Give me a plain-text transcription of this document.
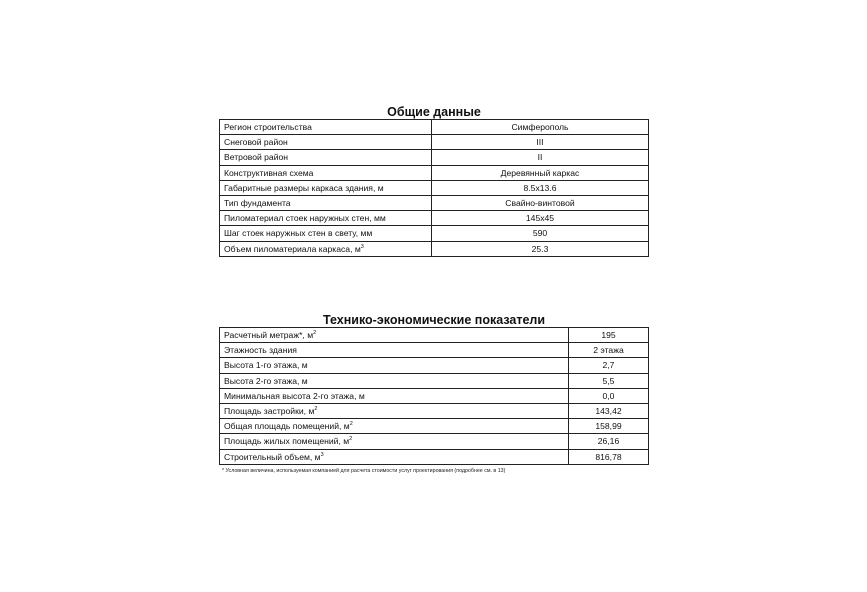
Общие данные
Регион строительства	Симферополь
Снеговой район	III
Ветровой район	II
Конструктивная схема	Деревянный каркас
Габаритные размеры каркаса здания, м	8.5x13.6
Тип фундамента	Свайно-винтовой
Пиломатериал стоек наружных стен, мм	145x45
Шаг стоек наружных стен в свету, мм	590
Объем пиломатериала каркаса, $м^3$	25.3
Технико-экономические показатели
Расчетный метраж*, $м^2$	195
Этажность здания	2 этажа
Высота 1-го этажа, м	2,7
Высота 2-го этажа, м	5,5
Минимальная высота 2-го этажа, м	0,0
Площадь застройки, $м^2$	143,42
Общая площадь помещений, $м^2$	158,99
Площадь жилых помещений, $м^2$	26,16
Строительный объем, $м^3$	816,78
* Условная величина, используемая компанией для расчета стоимости услуг проектирования (подробнее см. в 13)
